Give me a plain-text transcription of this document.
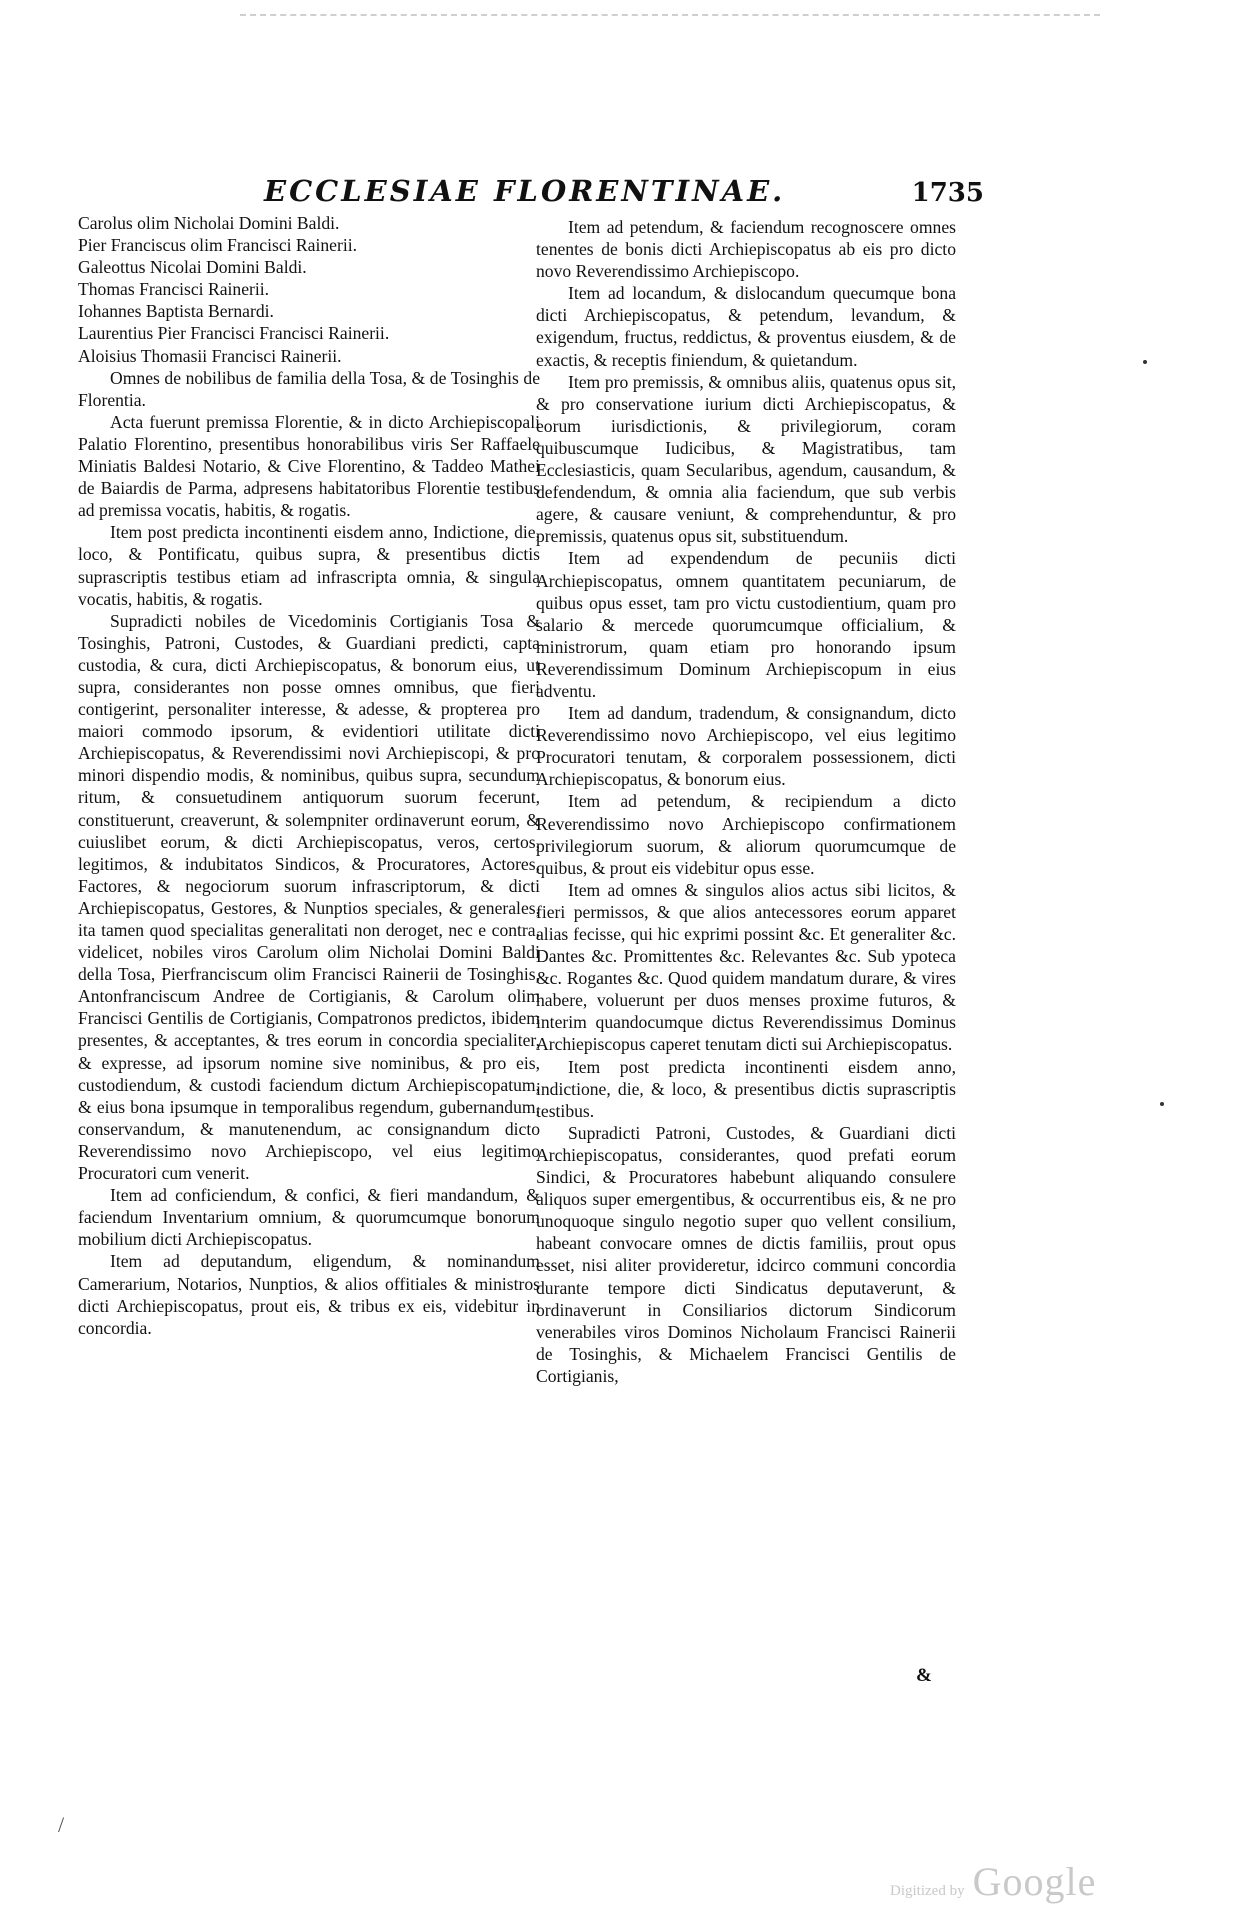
ECCLESIAE FLORENTINAE.	1735

Carolus olim Nicholai Domini Baldi.

Pier Franciscus olim Francisci Rainerii.

Galeottus Nicolai Domini Baldi.

Thomas Francisci Rainerii.

Iohannes Baptista Bernardi.

Laurentius Pier Francisci Francisci Rainerii.

Aloisius Thomasii Francisci Rainerii.

Omnes de nobilibus de familia della Tosa, & de Tosinghis de Florentia.

Acta fuerunt premissa Florentie, & in dicto Archiepiscopali Palatio Florentino, presentibus honorabilibus viris Ser Raffaele Miniatis Baldesi Notario, & Cive Florentino, & Taddeo Mathei de Baiardis de Parma, adpresens habitatoribus Florentie testibus ad premissa vocatis, habitis, & rogatis.

Item post predicta incontinenti eisdem anno, Indictione, die, loco, & Pontificatu, quibus supra, & presentibus dictis suprascriptis testibus etiam ad infrascripta omnia, & singula vocatis, habitis, & rogatis.

Supradicti nobiles de Vicedominis Cortigianis Tosa & Tosinghis, Patroni, Custodes, & Guardiani predicti, capta custodia, & cura, dicti Archiepiscopatus, & bonorum eius, ut supra, considerantes non posse omnes omnibus, que fieri contigerint, personaliter interesse, & adesse, & propterea pro maiori commodo ipsorum, & evidentiori utilitate dicti Archiepiscopatus, & Reverendissimi novi Archiepiscopi, & pro minori dispendio modis, & nominibus, quibus supra, secundum ritum, & consuetudinem antiquorum suorum fecerunt, constituerunt, creaverunt, & solempniter ordinaverunt eorum, & cuiuslibet eorum, & dicti Archiepiscopatus, veros, certos, legitimos, & indubitatos Sindicos, & Procuratores, Actores, Factores, & negociorum suorum infrascriptorum, & dicti Archiepiscopatus, Gestores, & Nunptios speciales, & generales, ita tamen quod specialitas generalitati non deroget, nec e contra, videlicet, nobiles viros Carolum olim Nicholai Domini Baldi della Tosa, Pierfranciscum olim Francisci Rainerii de Tosinghis, Antonfranciscum Andree de Cortigianis, & Carolum olim Francisci Gentilis de Cortigianis, Compatronos predictos, ibidem presentes, & acceptantes, & tres eorum in concordia specialiter, & expresse, ad ipsorum nomine sive nominibus, & pro eis, custodiendum, & custodi faciendum dictum Archiepiscopatum, & eius bona ipsumque in temporalibus regendum, gubernandum, conservandum, & manutenendum, ac consignandum dicto Reverendissimo novo Archiepiscopo, vel eius legitimo Procuratori cum venerit.

Item ad conficiendum, & confici, & fieri mandandum, & faciendum Inventarium omnium, & quorumcumque bonorum mobilium dicti Archiepiscopatus.

Item ad deputandum, eligendum, & nominandum Camerarium, Notarios, Nunptios, & alios offitiales & ministros dicti Archiepiscopatus, prout eis, & tribus ex eis, videbitur in concordia.

Item ad petendum, & faciendum recognoscere omnes tenentes de bonis dicti Archiepiscopatus ab eis pro dicto novo Reverendissimo Archiepiscopo.

Item ad locandum, & dislocandum quecumque bona dicti Archiepiscopatus, & petendum, levandum, & exigendum, fructus, reddictus, & proventus eiusdem, & de exactis, & receptis finiendum, & quietandum.

Item pro premissis, & omnibus aliis, quatenus opus sit, & pro conservatione iurium dicti Archiepiscopatus, & eorum iurisdictionis, & privilegiorum, coram quibuscumque Iudicibus, & Magistratibus, tam Ecclesiasticis, quam Secularibus, agendum, causandum, & defendendum, & omnia alia faciendum, que sub verbis agere, & causare veniunt, & comprehenduntur, & pro premissis, quatenus opus sit, substituendum.

Item ad expendendum de pecuniis dicti Archiepiscopatus, omnem quantitatem pecuniarum, de quibus opus esset, tam pro victu custodientium, quam pro salario & mercede quorumcumque officialium, & ministrorum, quam etiam pro honorando ipsum Reverendissimum Dominum Archiepiscopum in eius adventu.

Item ad dandum, tradendum, & consignandum, dicto Reverendissimo novo Archiepiscopo, vel eius legitimo Procuratori tenutam, & corporalem possessionem, dicti Archiepiscopatus, & bonorum eius.

Item ad petendum, & recipiendum a dicto Reverendissimo novo Archiepiscopo confirmationem privilegiorum suorum, & aliorum quorumcumque de quibus, & prout eis videbitur opus esse.

Item ad omnes & singulos alios actus sibi licitos, & fieri permissos, & que alios antecessores eorum apparet alias fecisse, qui hic exprimi possint &c. Et generaliter &c. Dantes &c. Promittentes &c. Relevantes &c. Sub ypoteca &c. Rogantes &c. Quod quidem mandatum durare, & vires habere, voluerunt per duos menses proxime futuros, & interim quandocumque dictus Reverendissimus Dominus Archiepiscopus caperet tenutam dicti sui Archiepiscopatus.

Item post predicta incontinenti eisdem anno, indictione, die, & loco, & presentibus dictis suprascriptis testibus.

Supradicti Patroni, Custodes, & Guardiani dicti Archiepiscopatus, considerantes, quod prefati eorum Sindici, & Procuratores habebunt aliquando consulere aliquos super emergentibus, & occurrentibus eis, & ne pro unoquoque singulo negotio super quo vellent consilium, habeant convocare omnes de dictis familiis, prout opus esset, nisi aliter provideretur, idcirco communi concordia durante tempore dicti Sindicatus deputaverunt, & ordinaverunt in Consiliarios dictorum Sindicorum venerabiles viros Dominos Nicholaum Francisci Rainerii de Tosinghis, & Michaelem Francisci Gentilis de Cortigianis,

&
/
Digitized by Google
